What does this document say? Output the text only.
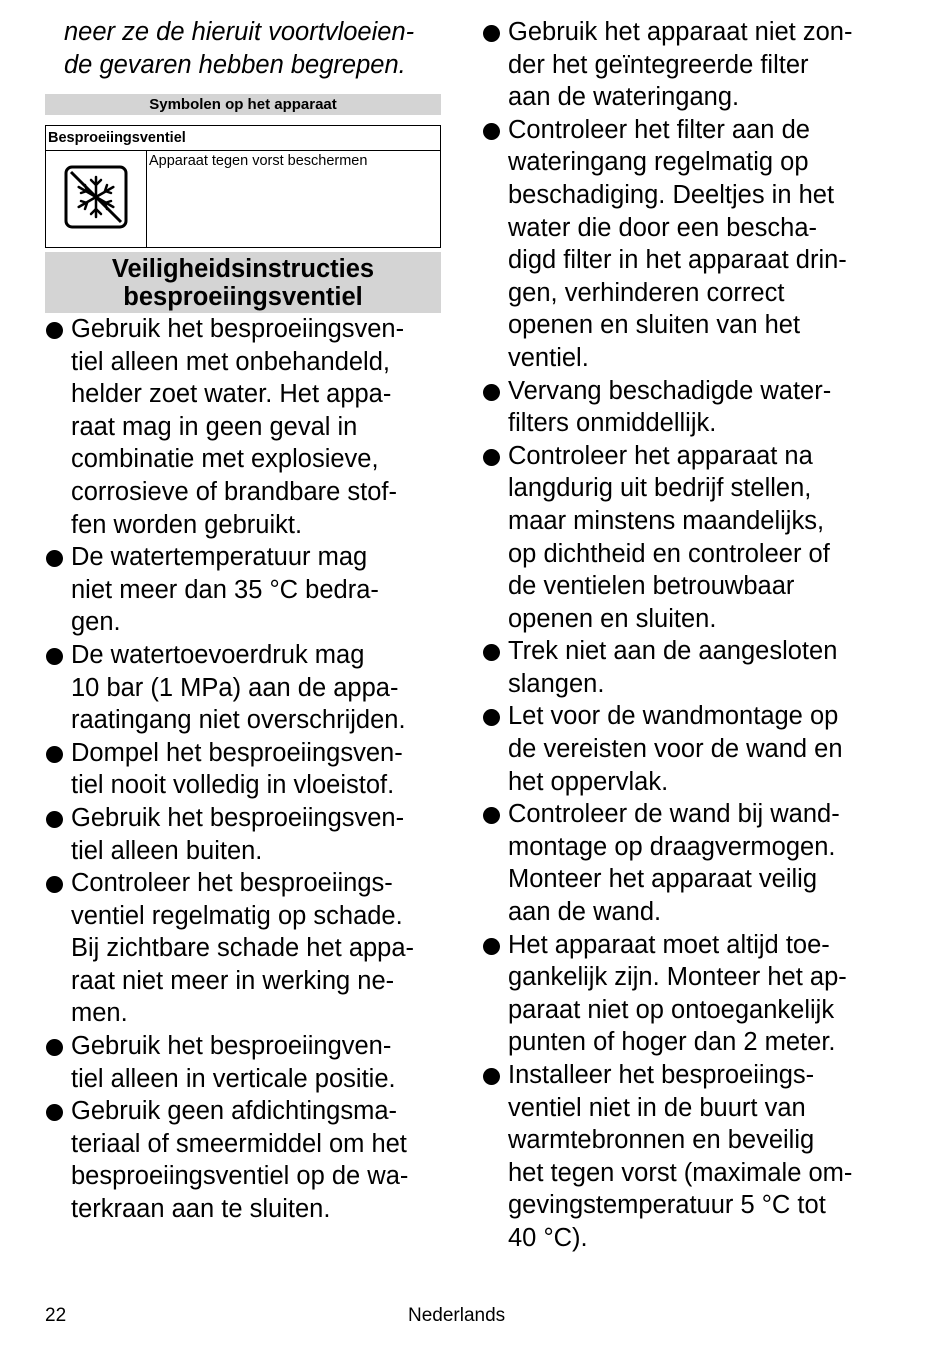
neer ze de hieruit voortvloeien-
de gevaren hebben begrepen.

Symbolen op het apparaat
Besproeiingsventiel
	Apparaat tegen vorst beschermen
Veiligheidsinstructies
besproeiingsventiel
Gebruik het besproeiingsven-
tiel alleen met onbehandeld,
helder zoet water. Het appa-
raat mag in geen geval in
combinatie met explosieve,
corrosieve of brandbare stof-
fen worden gebruikt.
De watertemperatuur mag
niet meer dan 35 °C bedra-
gen.
De watertoevoerdruk mag
10 bar (1 MPa) aan de appa-
raatingang niet overschrijden.
Dompel het besproeiingsven-
tiel nooit volledig in vloeistof.
Gebruik het besproeiingsven-
tiel alleen buiten.
Controleer het besproeiings-
ventiel regelmatig op schade.
Bij zichtbare schade het appa-
raat niet meer in werking ne-
men.
Gebruik het besproeiingven-
tiel alleen in verticale positie.
Gebruik geen afdichtingsma-
teriaal of smeermiddel om het
besproeiingsventiel op de wa-
terkraan aan te sluiten.
Gebruik het apparaat niet zon-
der het geïntegreerde filter
aan de wateringang.
Controleer het filter aan de
wateringang regelmatig op
beschadiging. Deeltjes in het
water die door een bescha-
digd filter in het apparaat drin-
gen, verhinderen correct
openen en sluiten van het
ventiel.
Vervang beschadigde water-
filters onmiddellijk.
Controleer het apparaat na
langdurig uit bedrijf stellen,
maar minstens maandelijks,
op dichtheid en controleer of
de ventielen betrouwbaar
openen en sluiten.
Trek niet aan de aangesloten
slangen.
Let voor de wandmontage op
de vereisten voor de wand en
het oppervlak.
Controleer de wand bij wand-
montage op draagvermogen.
Monteer het apparaat veilig
aan de wand.
Het apparaat moet altijd toe-
gankelijk zijn. Monteer het ap-
paraat niet op ontoegankelijk
punten of hoger dan 2 meter.
Installeer het besproeiings-
ventiel niet in de buurt van
warmtebronnen en beveilig
het tegen vorst (maximale om-
gevingstemperatuur 5 °C tot
40 °C).
22	Nederlands
